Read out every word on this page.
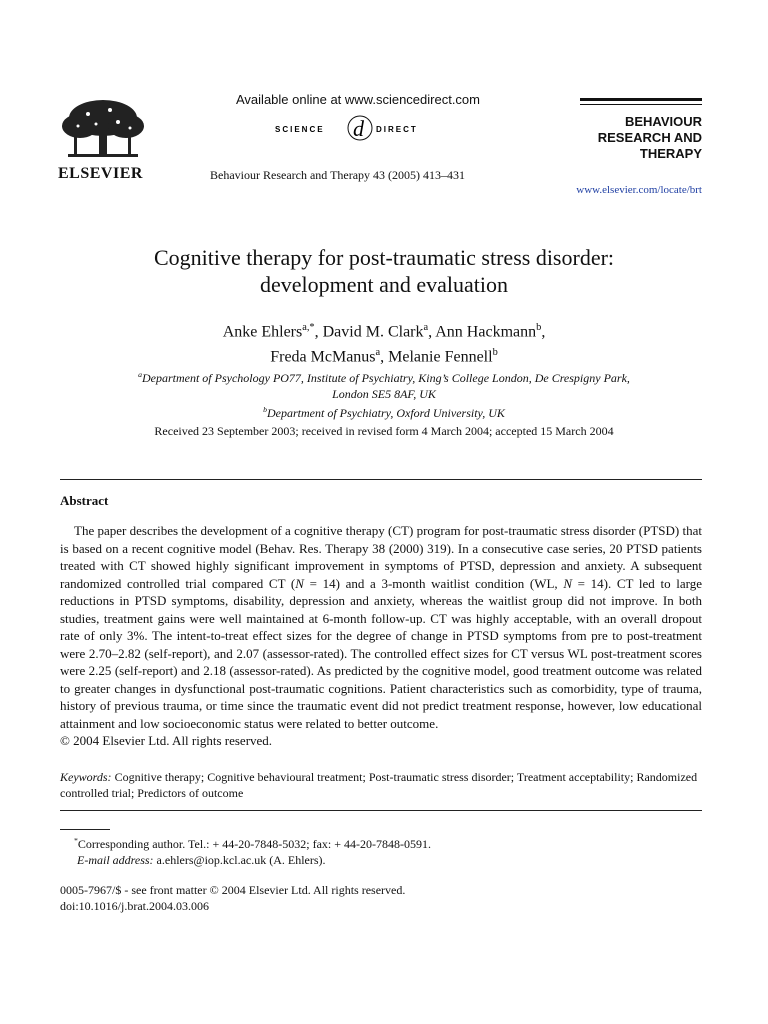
ELSEVIER
Available online at www.sciencedirect.com
SCIENCE d DIRECT
Behaviour Research and Therapy 43 (2005) 413–431
BEHAVIOUR
RESEARCH AND
THERAPY
www.elsevier.com/locate/brt
Cognitive therapy for post-traumatic stress disorder:
development and evaluation
Anke Ehlers$^{a,*}$, David M. Clark$^a$, Ann Hackmann$^b$,
Freda McManus$^a$, Melanie Fennell$^b$
$^a$Department of Psychology PO77, Institute of Psychiatry, King’s College London, De Crespigny Park,
London SE5 8AF, UK
$^b$Department of Psychiatry, Oxford University, UK
Received 23 September 2003; received in revised form 4 March 2004; accepted 15 March 2004
Abstract
The paper describes the development of a cognitive therapy (CT) program for post-traumatic stress disorder (PTSD) that is based on a recent cognitive model (Behav. Res. Therapy 38 (2000) 319). In a consecutive case series, 20 PTSD patients treated with CT showed highly significant improvement in symptoms of PTSD, depression and anxiety. A subsequent randomized controlled trial compared CT (N = 14) and a 3-month waitlist condition (WL, N = 14). CT led to large reductions in PTSD symptoms, disability, depression and anxiety, whereas the waitlist group did not improve. In both studies, treatment gains were well maintained at 6-month follow-up. CT was highly acceptable, with an overall dropout rate of only 3%. The intent-to-treat effect sizes for the degree of change in PTSD symptoms from pre to post-treatment were 2.70–2.82 (self-report), and 2.07 (assessor-rated). The controlled effect sizes for CT versus WL post-treatment scores were 2.25 (self-report) and 2.18 (assessor-rated). As predicted by the cognitive model, good treatment outcome was related to greater changes in dysfunctional post-traumatic cognitions. Patient characteristics such as comorbidity, type of trauma, history of previous trauma, or time since the traumatic event did not predict treatment response, however, low educational attainment and low socioeconomic status were related to better outcome.
© 2004 Elsevier Ltd. All rights reserved.
Keywords: Cognitive therapy; Cognitive behavioural treatment; Post-traumatic stress disorder; Treatment acceptability; Randomized controlled trial; Predictors of outcome
*Corresponding author. Tel.: + 44-20-7848-5032; fax: + 44-20-7848-0591.
E-mail address: a.ehlers@iop.kcl.ac.uk (A. Ehlers).
0005-7967/$ - see front matter © 2004 Elsevier Ltd. All rights reserved.
doi:10.1016/j.brat.2004.03.006
